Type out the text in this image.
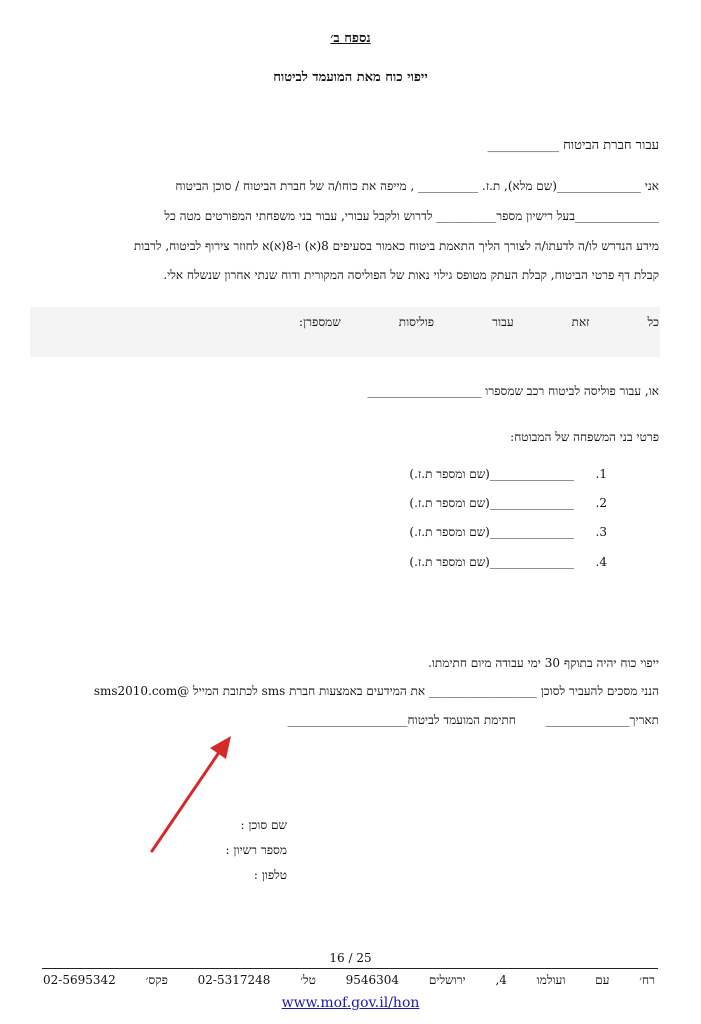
נספח ב׳
ייפוי כוח מאת המועמד לביטוח
עבור חברת הביטוח ___________
אני ______________(שם מלא), ת.ז. __________ , מייפה את כוחו/ה של חברת הביטוח / סוכן הביטוח
______________בעל רישיון מספר__________ לדרוש ולקבל עבורי, עבור בני משפחתי המפורטים מטה כל
מידע הנדרש לו/ה לדעתו/ה לצורך הליך התאמת ביטוח כאמור בסעיפים 8(א) ו-8(א)א לחוזר צירוף לביטוח, לרבות
קבלת דף פרטי הביטוח, קבלת העתק מטופס גילוי נאות של הפוליסה המקורית ודוח שנתי אחרון שנשלח אלי.
כל
זאת
עבור
פוליסות
שמספרן:
או, עבור פוליסה לביטוח רכב שמספרו ___________________
פרטי בני המשפחה של המבוטח:
1.  ______________(שם ומספר ת.ז.)
2.  ______________(שם ומספר ת.ז.)
3.  ______________(שם ומספר ת.ז.)
4.  ______________(שם ומספר ת.ז.)
ייפוי כוח יהיה בתוקף 30 ימי עבודה מיום חתימתו.
הנני מסכים להעביר לסוכן __________________ את המידעים באמצעות חברת sms לכתובת המייל sms2010.com@
תאריך______________  חתימת המועמד לביטוח____________________
שם סוכן :
מספר רשיון :
טלפון :
16 / 25
רח׳
עם
ועולמו
4,
ירושלים
9546304
טל׳
02-5317248
פקס׳
02-5695342
www.mof.gov.il/hon
